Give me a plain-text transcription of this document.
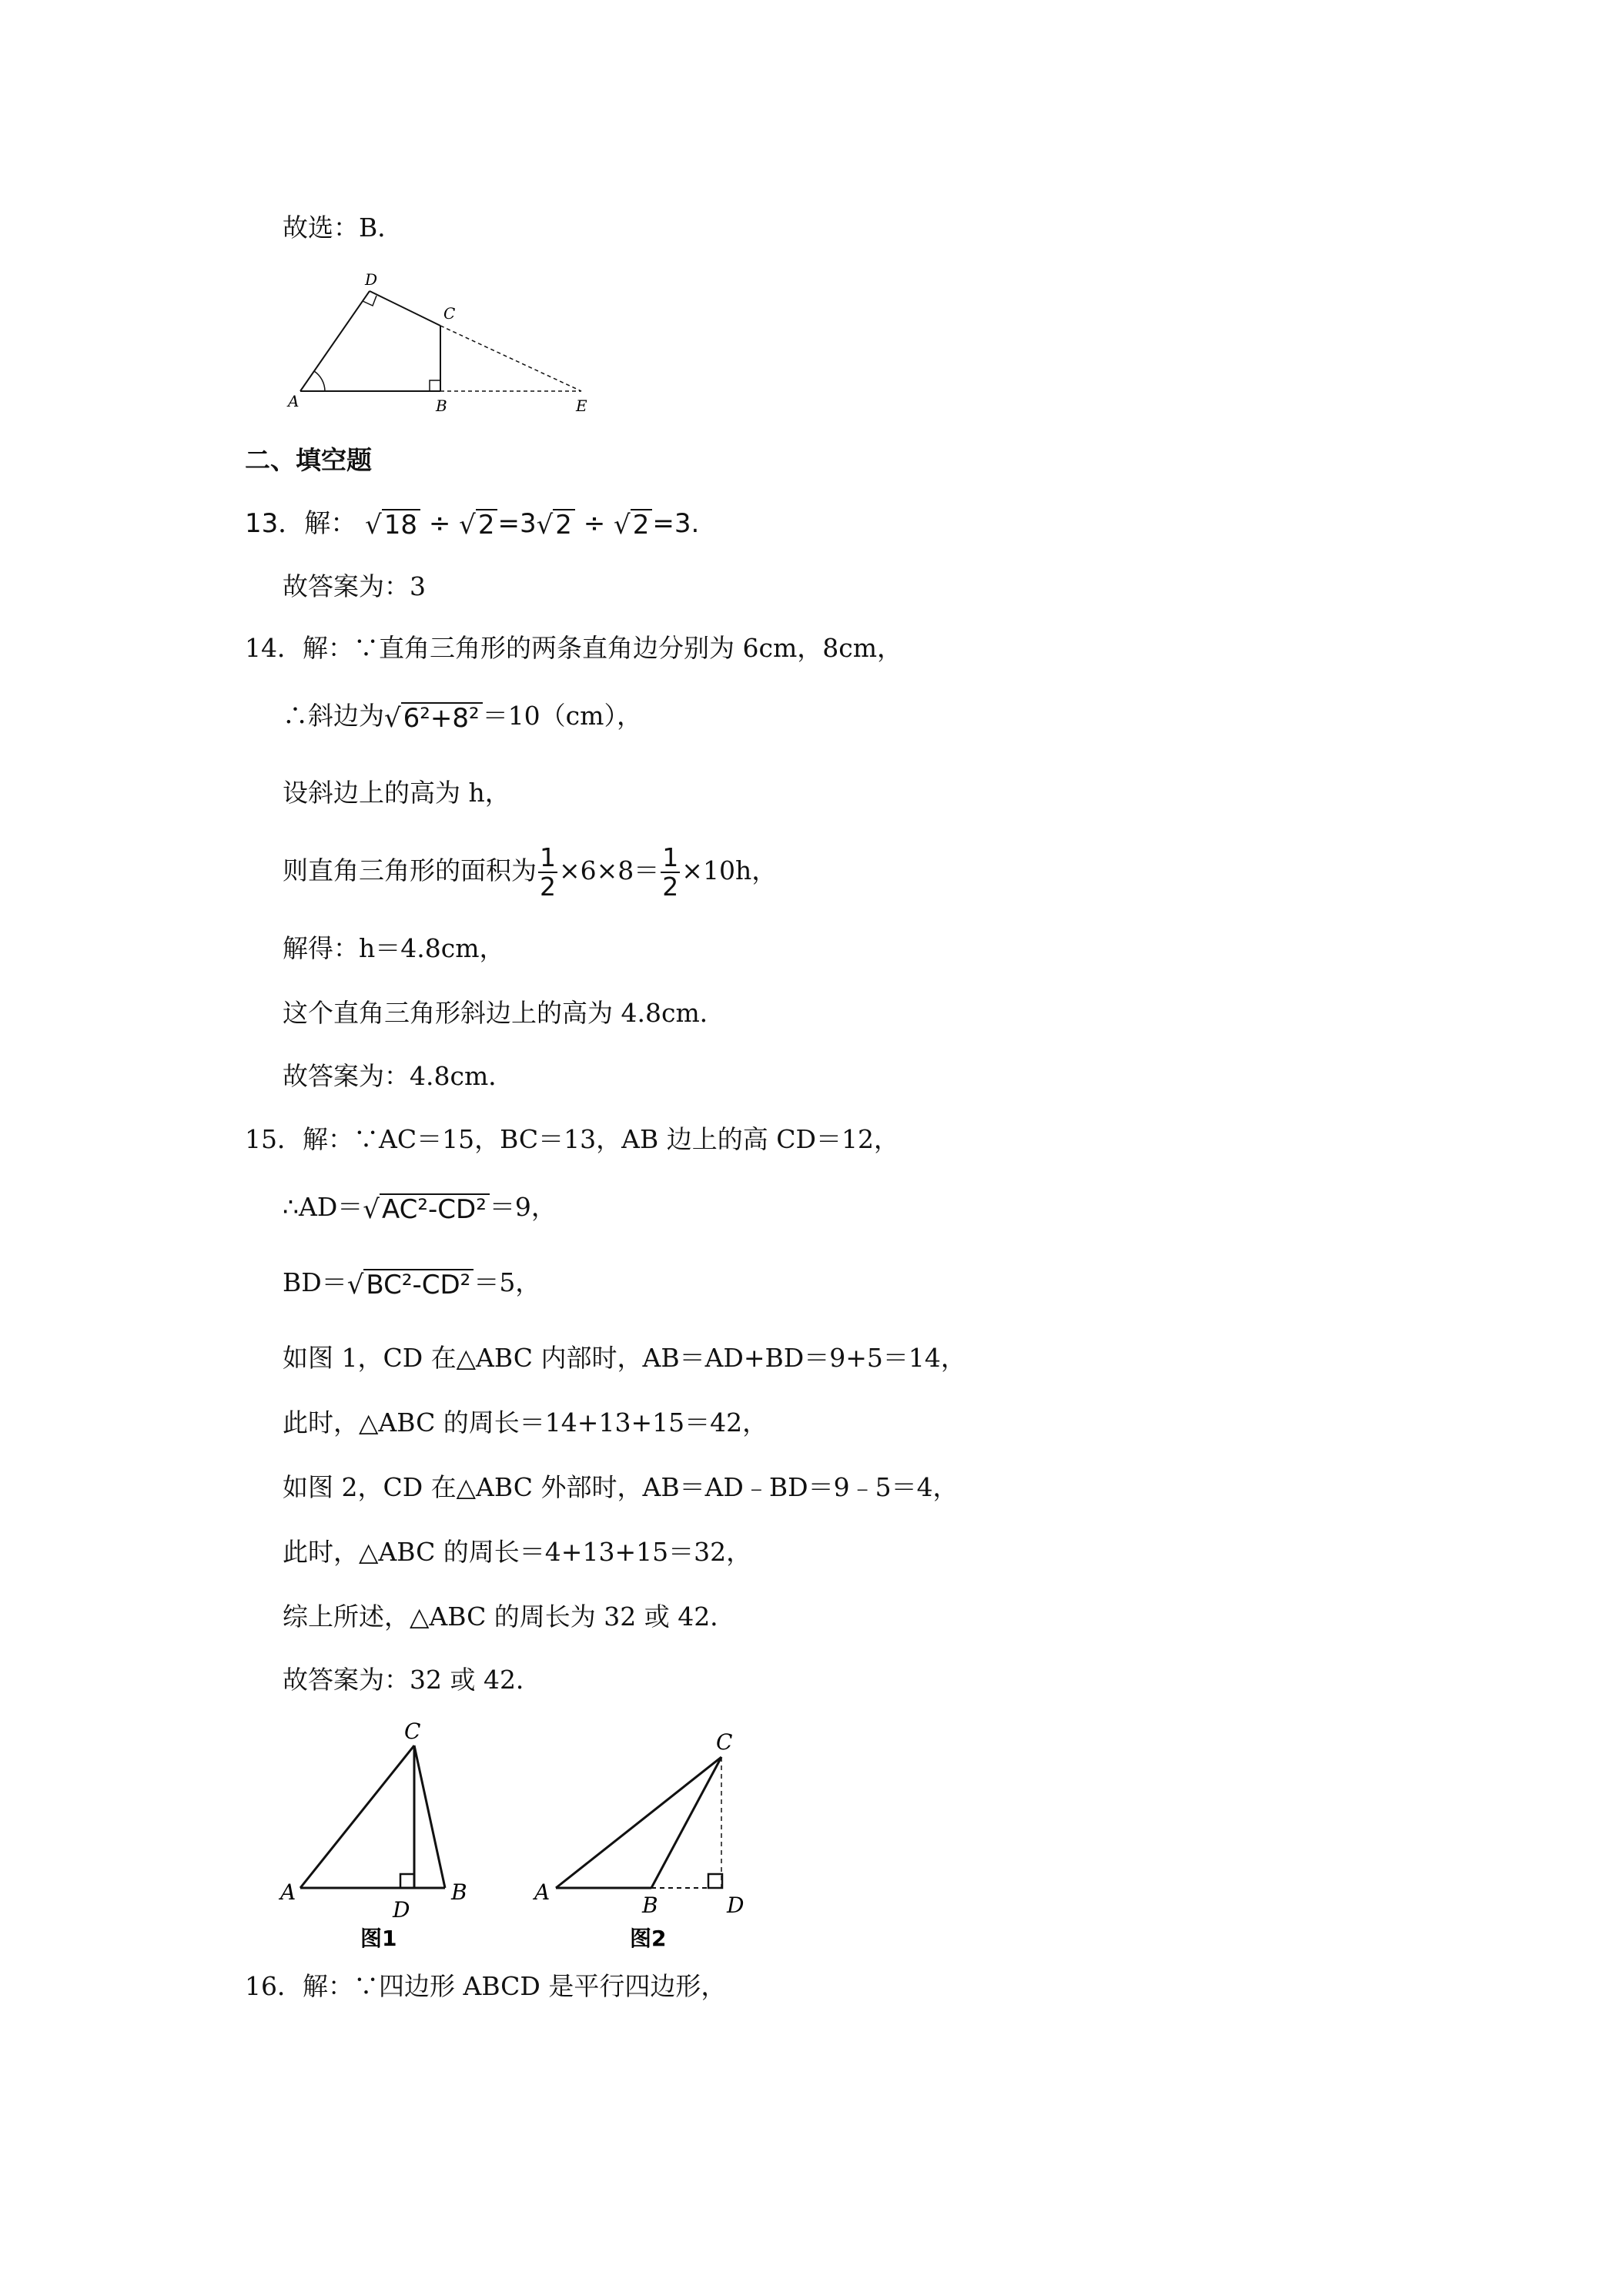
故选：B．
D
C
A	B	E
二、填空题
13．解： √18 ÷ √2 =3√2 ÷ √2 =3.
故答案为：3
14．解：∵直角三角形的两条直角边分别为 6cm，8cm，
∴斜边为√6²+8² ＝10（cm），
设斜边上的高为 h，
则直角三角形的面积为 $\frac{1}{2} \times 6\times 8= \frac{1}{2} \times 10h$，
解得：h＝4.8cm，
这个直角三角形斜边上的高为 4.8cm．
故答案为：4.8cm．
15．解：∵AC＝15，BC＝13，AB 边上的高 CD＝12，
∴AD＝√AC²-CD² ＝9，
BD＝√BC²-CD² ＝5，
如图 1，CD 在△ABC 内部时，AB＝AD+BD＝9+5＝14，
此时，△ABC 的周长＝14+13+15＝42，
如图 2，CD 在△ABC 外部时，AB＝AD﹣BD＝9﹣5＝4，
此时，△ABC 的周长＝4+13+15＝32，
综上所述，△ABC 的周长为 32 或 42．
故答案为：32 或 42．
C
A
D
B
图1
C
A
B	D
图2
16．解：∵四边形 ABCD 是平行四边形，
